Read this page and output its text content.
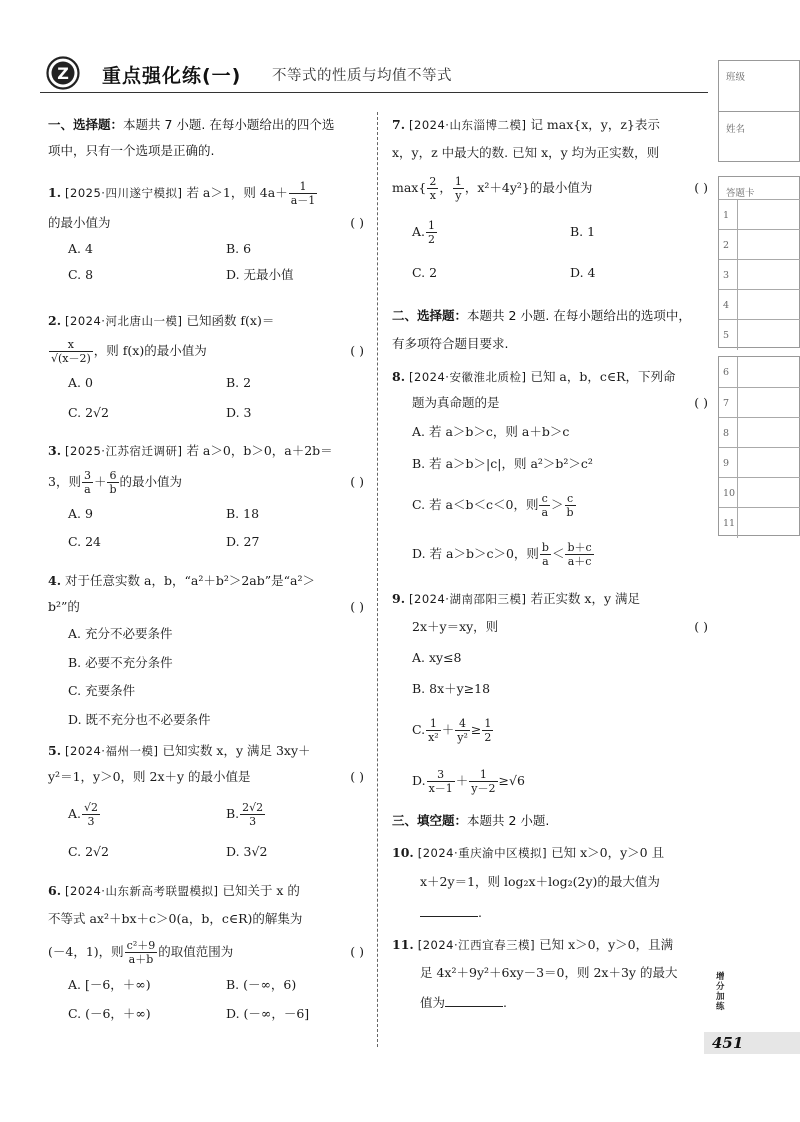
Z 重点强化练(一) 不等式的性质与均值不等式
一、选择题：本题共 7 小题. 在每小题给出的四个选
项中，只有一个选项是正确的.
1. [2025·四川遂宁模拟] 若 a＞1，则 $4a+ \frac{1}{a-1}$
的最小值为	( )
A. 4	B. 6
C. 8	D. 无最小值
2. [2024·河北唐山一模] 已知函数 f(x)＝
$\frac{x}{√(x-2)}$ ，则 f(x)的最小值为	( )
A. 0	B. 2
C. 2√2	D. 3
3. [2025·江苏宿迁调研] 若 a＞0，b＞0，a＋2b＝
3，则 $\frac{3}{a} + \frac{6}{b}$ 的最小值为	( )
A. 9	B. 18
C. 24	D. 27
4. 对于任意实数 a，b，“a²＋b²＞2ab”是“a²＞
b²”的	( )
A. 充分不必要条件
B. 必要不充分条件
C. 充要条件
D. 既不充分也不必要条件
5. [2024·福州一模] 已知实数 x，y 满足 3xy＋
y²＝1，y＞0，则 2x＋y 的最小值是	( )
A. $\frac{√2}{3}$	B. $\frac{2√2}{3}$
C. 2√2	D. 3√2
6. [2024·山东新高考联盟模拟] 已知关于 x 的
不等式 ax²＋bx＋c＞0(a，b，c∈R)的解集为
(－4，1)，则 $\frac{\text{c²＋9}}{a+b}$ 的取值范围为	( )
A. [－6，＋∞)	B. (－∞，6)
C. (－6，＋∞)	D. (－∞，－6]
7. [2024·山东淄博二模] 记 max{x，y，z}表示
x，y，z 中最大的数. 已知 x，y 均为正实数，则
$\max\{ \frac{2}{x}$ ， $\frac{1}{y}$ ，x²＋4y²}的最小值为	( )
A. $\frac{1}{2}$	B. 1
C. 2	D. 4
二、选择题：本题共 2 小题. 在每小题给出的选项中，
有多项符合题目要求.
8. [2024·安徽淮北质检] 已知 a，b，c∈R，下列命
题为真命题的是	( )
A. 若 a＞b＞c，则 a＋b＞c
B. 若 a＞b＞|c|，则 a²＞b²＞c²
C. 若 a＜b＜c＜0，则 $\frac{c}{a} > \frac{c}{b}$
D. 若 a＞b＞c＞0，则 $\frac{b}{a} < \frac{b+c}{a+c}$
9. [2024·湖南邵阳三模] 若正实数 x，y 满足
2x＋y＝xy，则	( )
A. xy≤8
B. 8x＋y≥18
C. $\frac{1}{\text{x²}} + \frac{4}{\text{y²}} \ge \frac{1}{2}$
D. $\frac{3}{x-1} + \frac{1}{y-2} \ge√6$
三、填空题：本题共 2 小题.
10. [2024·重庆渝中区模拟] 已知 x＞0，y＞0 且
x＋2y＝1，则 log₂x＋log₂(2y)的最大值为
.
11. [2024·江西宜春三模] 已知 x＞0，y＞0，且满
足 4x²＋9y²＋6xy－3＝0，则 2x＋3y 的最大
值为	.
班级
姓名
答题卡
1
2
3
4
5
6
7
8
9
10
11
增分加练
451
